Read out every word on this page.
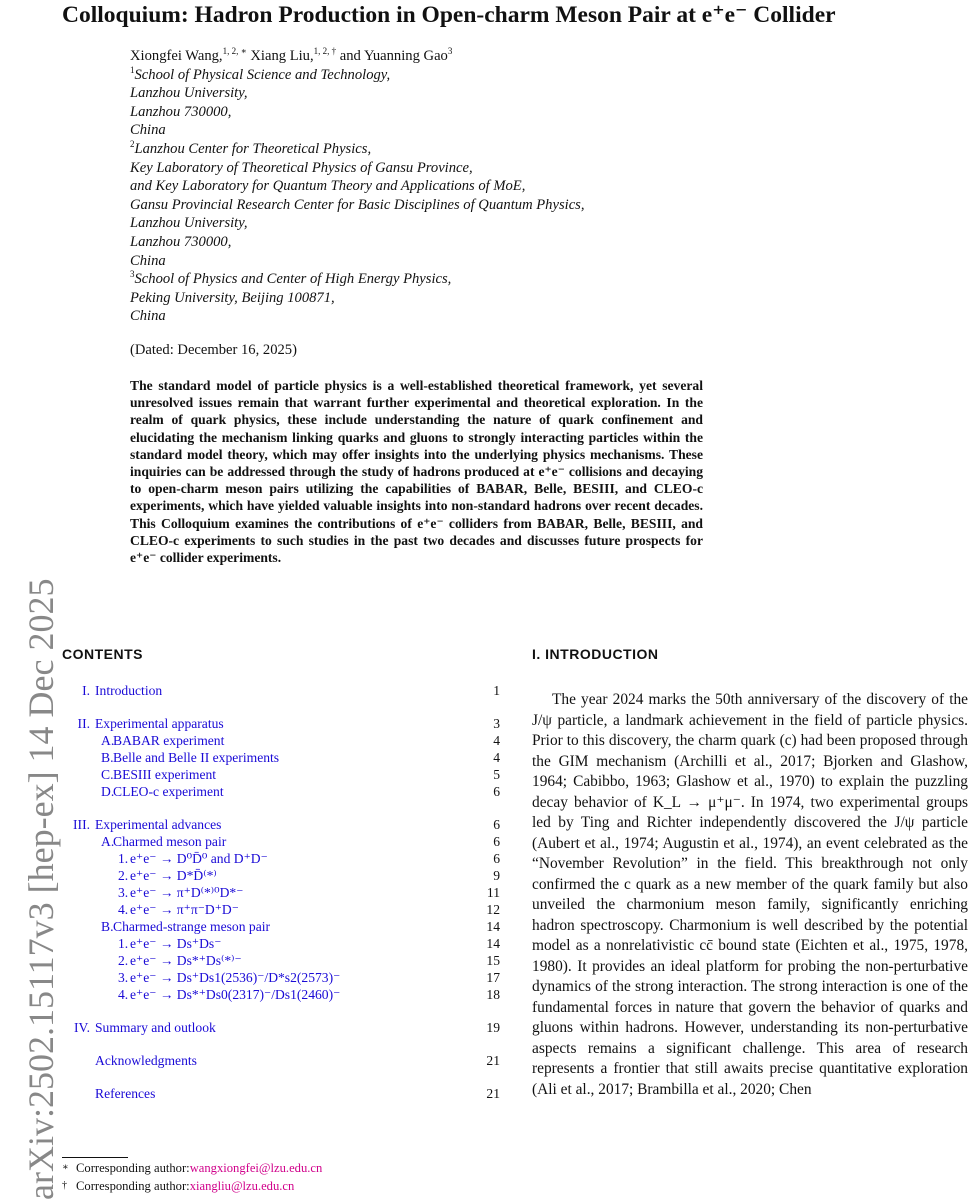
Colloquium: Hadron Production in Open-charm Meson Pair at e⁺e⁻ Collider
arXiv:2502.15117v3 [hep-ex] 14 Dec 2025
Xiongfei Wang,$^{1, 2, ∗}$ Xiang Liu,$^{1, 2, \dagger}$ and Yuanning Gao$^3$
$^1$School of Physical Science and Technology,
Lanzhou University,
Lanzhou 730000,
China
$^2$Lanzhou Center for Theoretical Physics,
Key Laboratory of Theoretical Physics of Gansu Province,
and Key Laboratory for Quantum Theory and Applications of MoE,
Gansu Provincial Research Center for Basic Disciplines of Quantum Physics,
Lanzhou University,
Lanzhou 730000,
China
$^3$School of Physics and Center of High Energy Physics,
Peking University, Beijing 100871,
China
(Dated: December 16, 2025)
The standard model of particle physics is a well-established theoretical framework, yet several unresolved issues remain that warrant further experimental and theoretical exploration. In the realm of quark physics, these include understanding the nature of quark confinement and elucidating the mechanism linking quarks and gluons to strongly interacting particles within the standard model theory, which may offer insights into the underlying physics mechanisms. These inquiries can be addressed through the study of hadrons produced at e⁺e⁻ collisions and decaying to open-charm meson pairs utilizing the capabilities of BABAR, Belle, BESIII, and CLEO-c experiments, which have yielded valuable insights into non-standard hadrons over recent decades. This Colloquium examines the contributions of e⁺e⁻ colliders from BABAR, Belle, BESIII, and CLEO-c experiments to such studies in the past two decades and discusses future prospects for e⁺e⁻ collider experiments.
CONTENTS
I. Introduction	1
II. Experimental apparatus	3
A.
BABAR experiment	4
B. Belle and Belle II experiments	4
C. BESIII experiment	5
D.
CLEO-c experiment	6
III. Experimental advances	6
A.
Charmed meson pair	6
1. e⁺e⁻ → D⁰D̄⁰ and D⁺D⁻	6
2. e⁺e⁻ → D*D̄⁽*⁾	9
3. e⁺e⁻ → π⁺D⁽*⁾⁰D*⁻	11
4. e⁺e⁻ → π⁺π⁻D⁺D⁻	12
B. Charmed-strange meson pair	14
1. e⁺e⁻ → Ds⁺Ds⁻	14
2. e⁺e⁻ → Ds*⁺Ds⁽*⁾⁻	15
3. e⁺e⁻ → Ds⁺Ds1(2536)⁻/D*s2(2573)⁻	17
4. e⁺e⁻ → Ds*⁺Ds0(2317)⁻/Ds1(2460)⁻	18
IV. Summary and outlook	19
Acknowledgments	21
References	21
I. INTRODUCTION
The year 2024 marks the 50th anniversary of the discovery of the J/ψ particle, a landmark achievement in the field of particle physics. Prior to this discovery, the charm quark (c) had been proposed through the GIM mechanism (Archilli et al., 2017; Bjorken and Glashow, 1964; Cabibbo, 1963; Glashow et al., 1970) to explain the puzzling decay behavior of K_L → μ⁺μ⁻. In 1974, two experimental groups led by Ting and Richter independently discovered the J/ψ particle (Aubert et al., 1974; Augustin et al., 1974), an event celebrated as the “November Revolution” in the field. This breakthrough not only confirmed the c quark as a new member of the quark family but also unveiled the charmonium meson family, significantly enriching hadron spectroscopy. Charmonium is well described by the potential model as a nonrelativistic cc̄ bound state (Eichten et al., 1975, 1978, 1980). It provides an ideal platform for probing the non-perturbative dynamics of the strong interaction. The strong interaction is one of the fundamental forces in nature that govern the behavior of quarks and gluons within hadrons. However, understanding its non-perturbative aspects remains a significant challenge. This area of research represents a frontier that still awaits precise quantitative exploration (Ali et al., 2017; Brambilla et al., 2020; Chen
∗ Corresponding author:wangxiongfei@lzu.edu.cn
† Corresponding author:xiangliu@lzu.edu.cn
